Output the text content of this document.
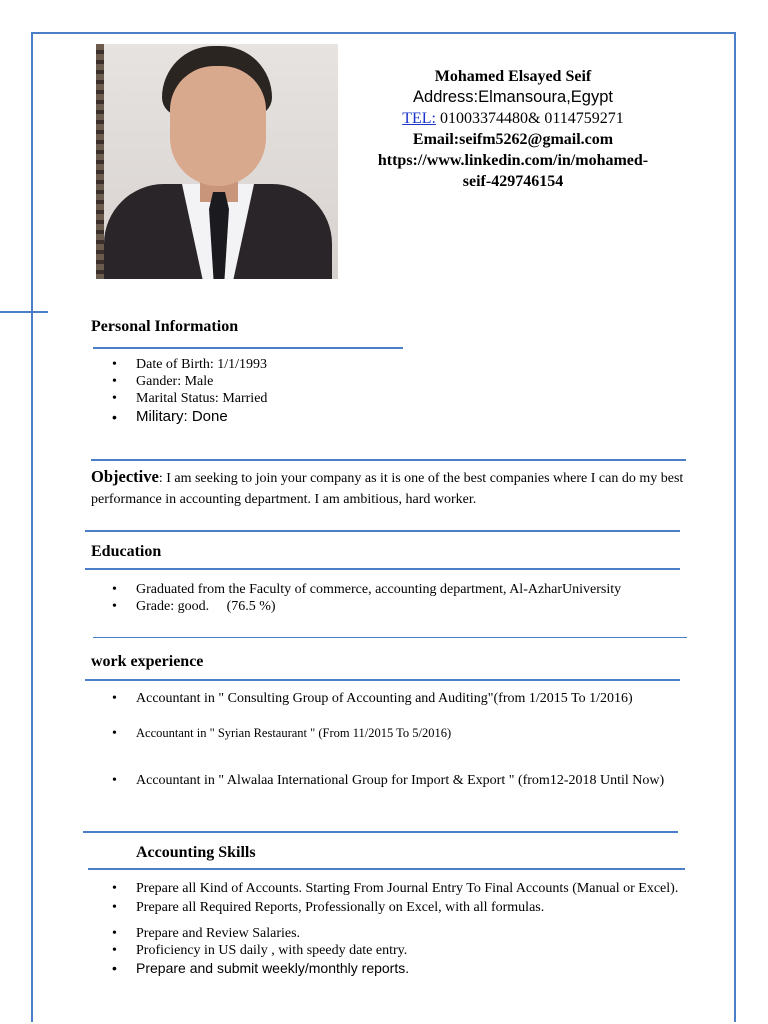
Mohamed Elsayed Seif
Address:Elmansoura,Egypt
TEL: 01003374480& 0114759271
Email:seifm5262@gmail.com
https://www.linkedin.com/in/mohamed-
seif-429746154
Personal Information
• Date of Birth: 1/1/1993
• Gander: Male
• Marital Status: Married
• Military: Done
Objective: I am seeking to join your company as it is one of the best companies where I can do my best performance in accounting department. I am ambitious, hard worker.
Education
• Graduated from the Faculty of commerce, accounting department, Al-AzharUniversity
• Grade: good.     (76.5 %)
work experience
• Accountant in " Consulting Group of Accounting and Auditing"(from 1/2015 To 1/2016)
• Accountant in " Syrian Restaurant " (From 11/2015 To 5/2016)
• Accountant in " Alwalaa International Group for Import & Export " (from12-2018 Until Now)
Accounting Skills
• Prepare all Kind of Accounts. Starting From Journal Entry To Final Accounts (Manual or Excel).
• Prepare all Required Reports, Professionally on Excel, with all formulas.
• Prepare and Review Salaries.
• Proficiency in US daily , with speedy date entry.
• Prepare and submit weekly/monthly reports.
